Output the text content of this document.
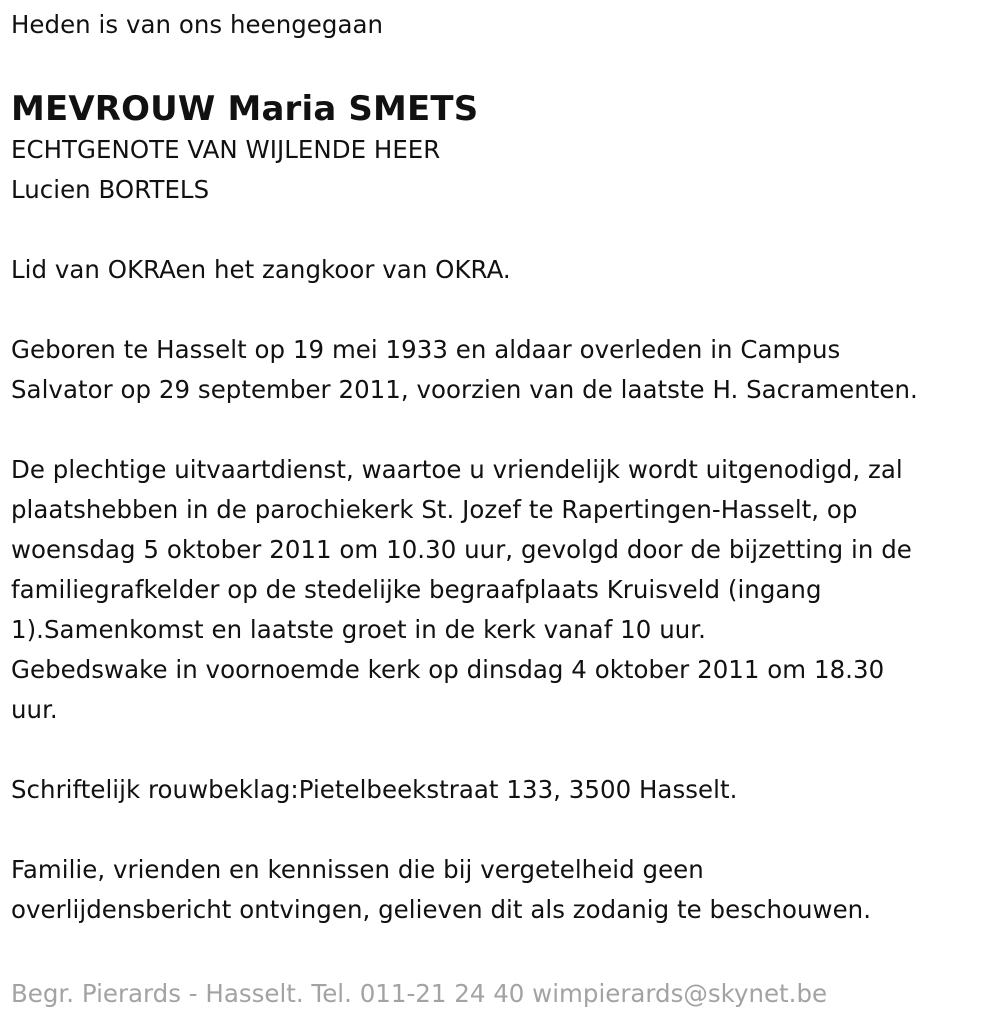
Heden is van ons heengegaan
MEVROUW Maria SMETS
ECHTGENOTE VAN WIJLENDE HEER
Lucien BORTELS
Lid van OKRAen het zangkoor van OKRA.
Geboren te Hasselt op 19 mei 1933 en aldaar overleden in Campus
Salvator op 29 september 2011, voorzien van de laatste H. Sacramenten.
De plechtige uitvaartdienst, waartoe u vriendelijk wordt uitgenodigd, zal
plaatshebben in de parochiekerk St. Jozef te Rapertingen-Hasselt, op
woensdag 5 oktober 2011 om 10.30 uur, gevolgd door de bijzetting in de
familiegrafkelder op de stedelijke begraafplaats Kruisveld (ingang
1).Samenkomst en laatste groet in de kerk vanaf 10 uur.
Gebedswake in voornoemde kerk op dinsdag 4 oktober 2011 om 18.30
uur.
Schriftelijk rouwbeklag:Pietelbeekstraat 133, 3500 Hasselt.
Familie, vrienden en kennissen die bij vergetelheid geen
overlijdensbericht ontvingen, gelieven dit als zodanig te beschouwen.
Begr. Pierards - Hasselt. Tel. 011-21 24 40 wimpierards@skynet.be
